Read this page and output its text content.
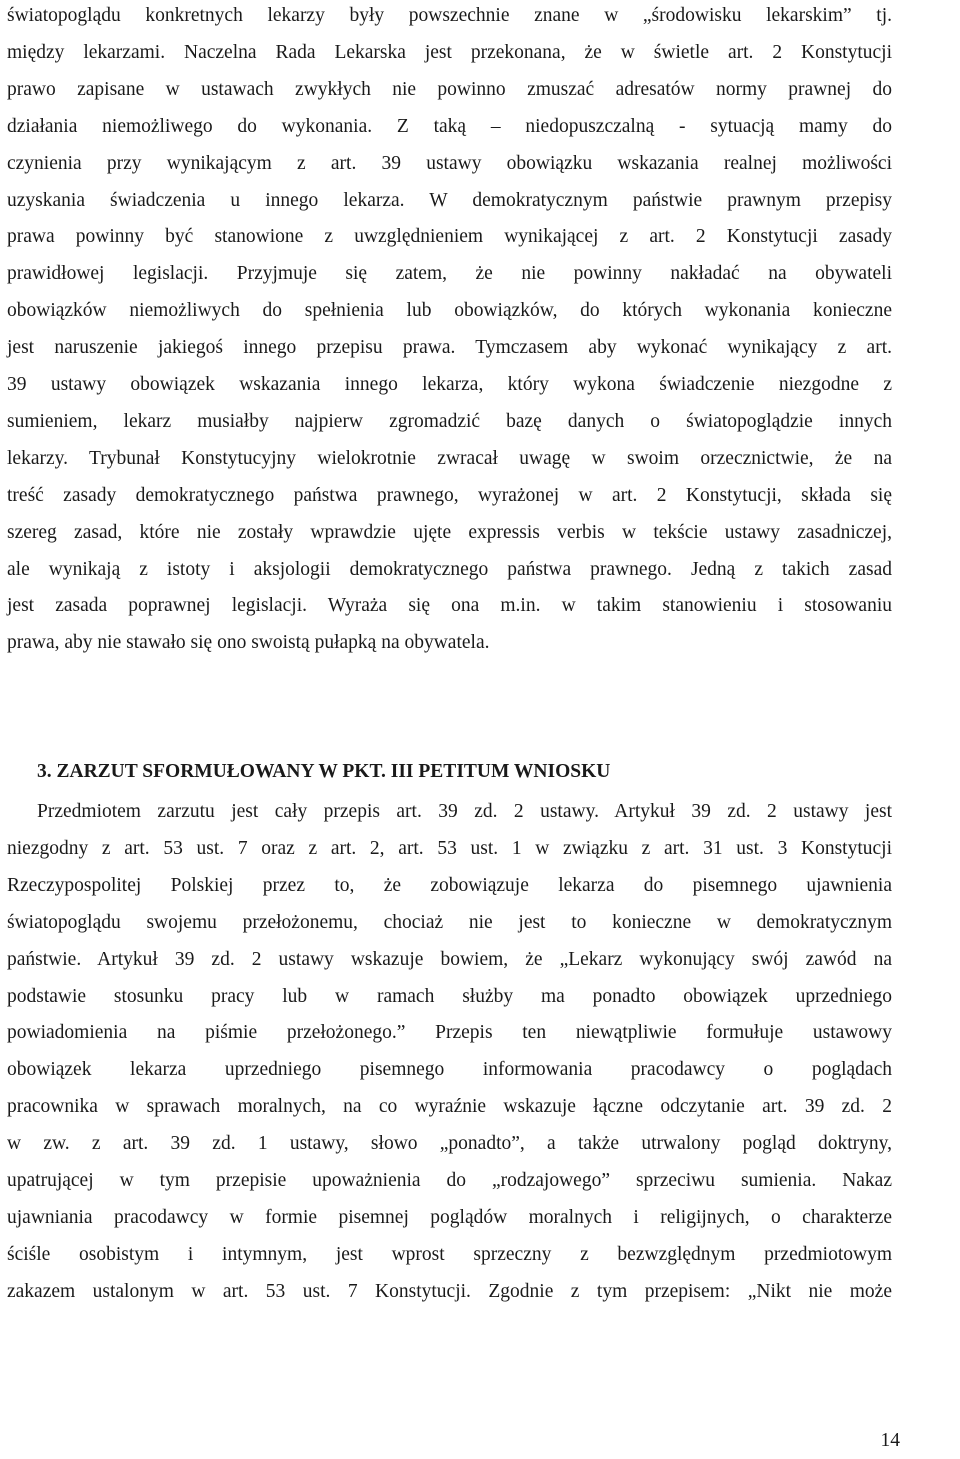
światopoglądu konkretnych lekarzy były powszechnie znane w „środowisku lekarskim” tj.
między lekarzami. Naczelna Rada Lekarska jest przekonana, że w świetle art. 2 Konstytucji
prawo zapisane w ustawach zwykłych nie powinno zmuszać adresatów normy prawnej do
działania niemożliwego do wykonania. Z taką – niedopuszczalną - sytuacją mamy do
czynienia przy wynikającym z art. 39 ustawy obowiązku wskazania realnej możliwości
uzyskania świadczenia u innego lekarza. W demokratycznym państwie prawnym przepisy
prawa powinny być stanowione z uwzględnieniem wynikającej z art. 2 Konstytucji zasady
prawidłowej legislacji. Przyjmuje się zatem, że nie powinny nakładać na obywateli
obowiązków niemożliwych do spełnienia lub obowiązków, do których wykonania konieczne
jest naruszenie jakiegoś innego przepisu prawa. Tymczasem aby wykonać wynikający z art.
39 ustawy obowiązek wskazania innego lekarza, który wykona świadczenie niezgodne z
sumieniem, lekarz musiałby najpierw zgromadzić bazę danych o światopoglądzie innych
lekarzy. Trybunał Konstytucyjny wielokrotnie zwracał uwagę w swoim orzecznictwie, że na
treść zasady demokratycznego państwa prawnego, wyrażonej w art. 2 Konstytucji, składa się
szereg zasad, które nie zostały wprawdzie ujęte expressis verbis w tekście ustawy zasadniczej,
ale wynikają z istoty i aksjologii demokratycznego państwa prawnego. Jedną z takich zasad
jest zasada poprawnej legislacji. Wyraża się ona m.in. w takim stanowieniu i stosowaniu
prawa, aby nie stawało się ono swoistą pułapką na obywatela.
3. ZARZUT SFORMUŁOWANY W PKT. III PETITUM WNIOSKU
Przedmiotem zarzutu jest cały przepis art. 39 zd. 2 ustawy. Artykuł 39 zd. 2 ustawy jest
niezgodny z art. 53 ust. 7 oraz z art. 2, art. 53 ust. 1 w związku z art. 31 ust. 3 Konstytucji
Rzeczypospolitej Polskiej przez to, że zobowiązuje lekarza do pisemnego ujawnienia
światopoglądu swojemu przełożonemu, chociaż nie jest to konieczne w demokratycznym
państwie. Artykuł 39 zd. 2 ustawy wskazuje bowiem, że „Lekarz wykonujący swój zawód na
podstawie stosunku pracy lub w ramach służby ma ponadto obowiązek uprzedniego
powiadomienia na piśmie przełożonego.” Przepis ten niewątpliwie formułuje ustawowy
obowiązek lekarza uprzedniego pisemnego informowania pracodawcy o poglądach
pracownika w sprawach moralnych, na co wyraźnie wskazuje łączne odczytanie art. 39 zd. 2
w zw. z art. 39 zd. 1 ustawy, słowo „ponadto”, a także utrwalony pogląd doktryny,
upatrującej w tym przepisie upoważnienia do „rodzajowego” sprzeciwu sumienia. Nakaz
ujawniania pracodawcy w formie pisemnej poglądów moralnych i religijnych, o charakterze
ściśle osobistym i intymnym, jest wprost sprzeczny z bezwzględnym przedmiotowym
zakazem ustalonym w art. 53 ust. 7 Konstytucji. Zgodnie z tym przepisem: „Nikt nie może
14
